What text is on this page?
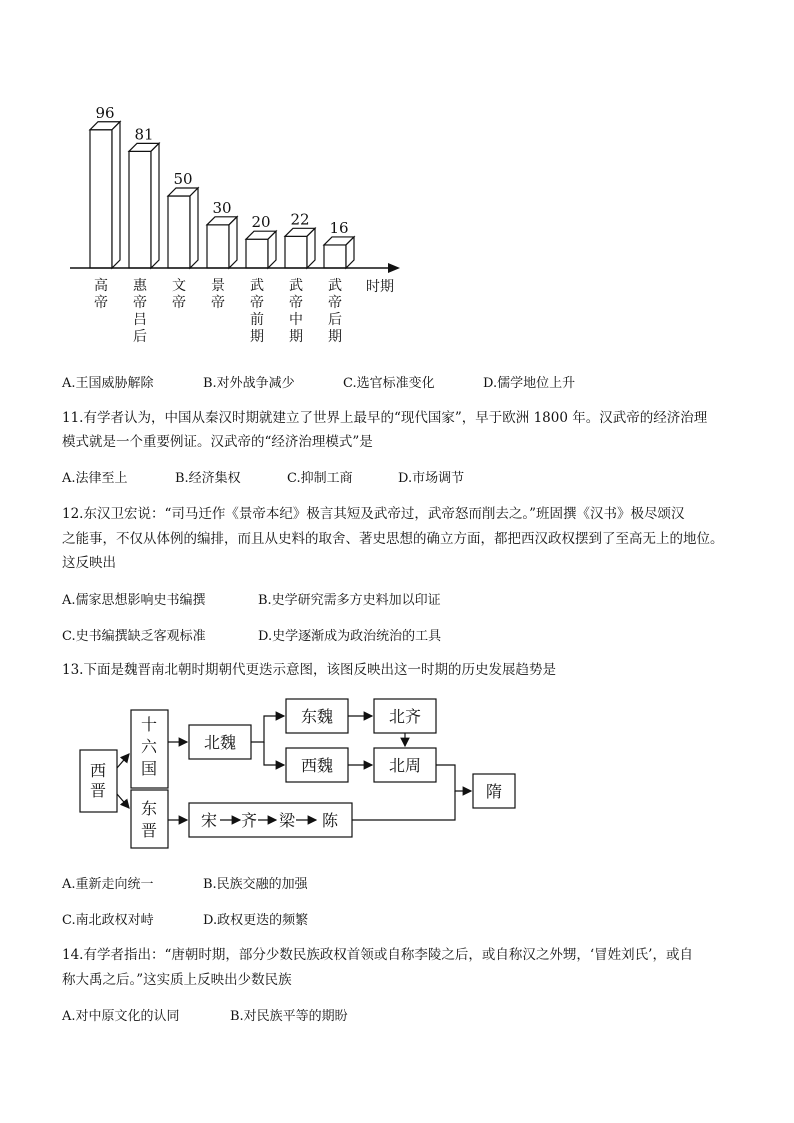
96
高
帝
81
惠
帝
吕
后
50
文
帝
30
景
帝
20
武
帝
前
期
22
武
帝
中
期
16
武
帝
后
期
时期
A.王国威胁解除	B.对外战争减少	C.选官标准变化	D.儒学地位上升
11.有学者认为，中国从秦汉时期就建立了世界上最早的“现代国家”，早于欧洲 1800 年。汉武帝的经济治理
模式就是一个重要例证。汉武帝的“经济治理模式”是
A.法律至上	B.经济集权	C.抑制工商	D.市场调节
12.东汉卫宏说：“司马迁作《景帝本纪》极言其短及武帝过，武帝怒而削去之。”班固撰《汉书》极尽颂汉
之能事，不仅从体例的编排，而且从史料的取舍、著史思想的确立方面，都把西汉政权摆到了至高无上的地位。
这反映出
A.儒家思想影响史书编撰	B.史学研究需多方史料加以印证
C.史书编撰缺乏客观标准	D.史学逐渐成为政治统治的工具
13.下面是魏晋南北朝时期朝代更迭示意图，该图反映出这一时期的历史发展趋势是
西
晋
十
六
国
东
晋
北魏
东魏
西魏
北齐
北周
宋 齐 梁 陈
隋
A.重新走向统一	B.民族交融的加强
C.南北政权对峙	D.政权更迭的频繁
14.有学者指出：“唐朝时期，部分少数民族政权首领或自称李陵之后，或自称汉之外甥，‘冒姓刘氏’，或自
称大禹之后。”这实质上反映出少数民族
A.对中原文化的认同	B.对民族平等的期盼
